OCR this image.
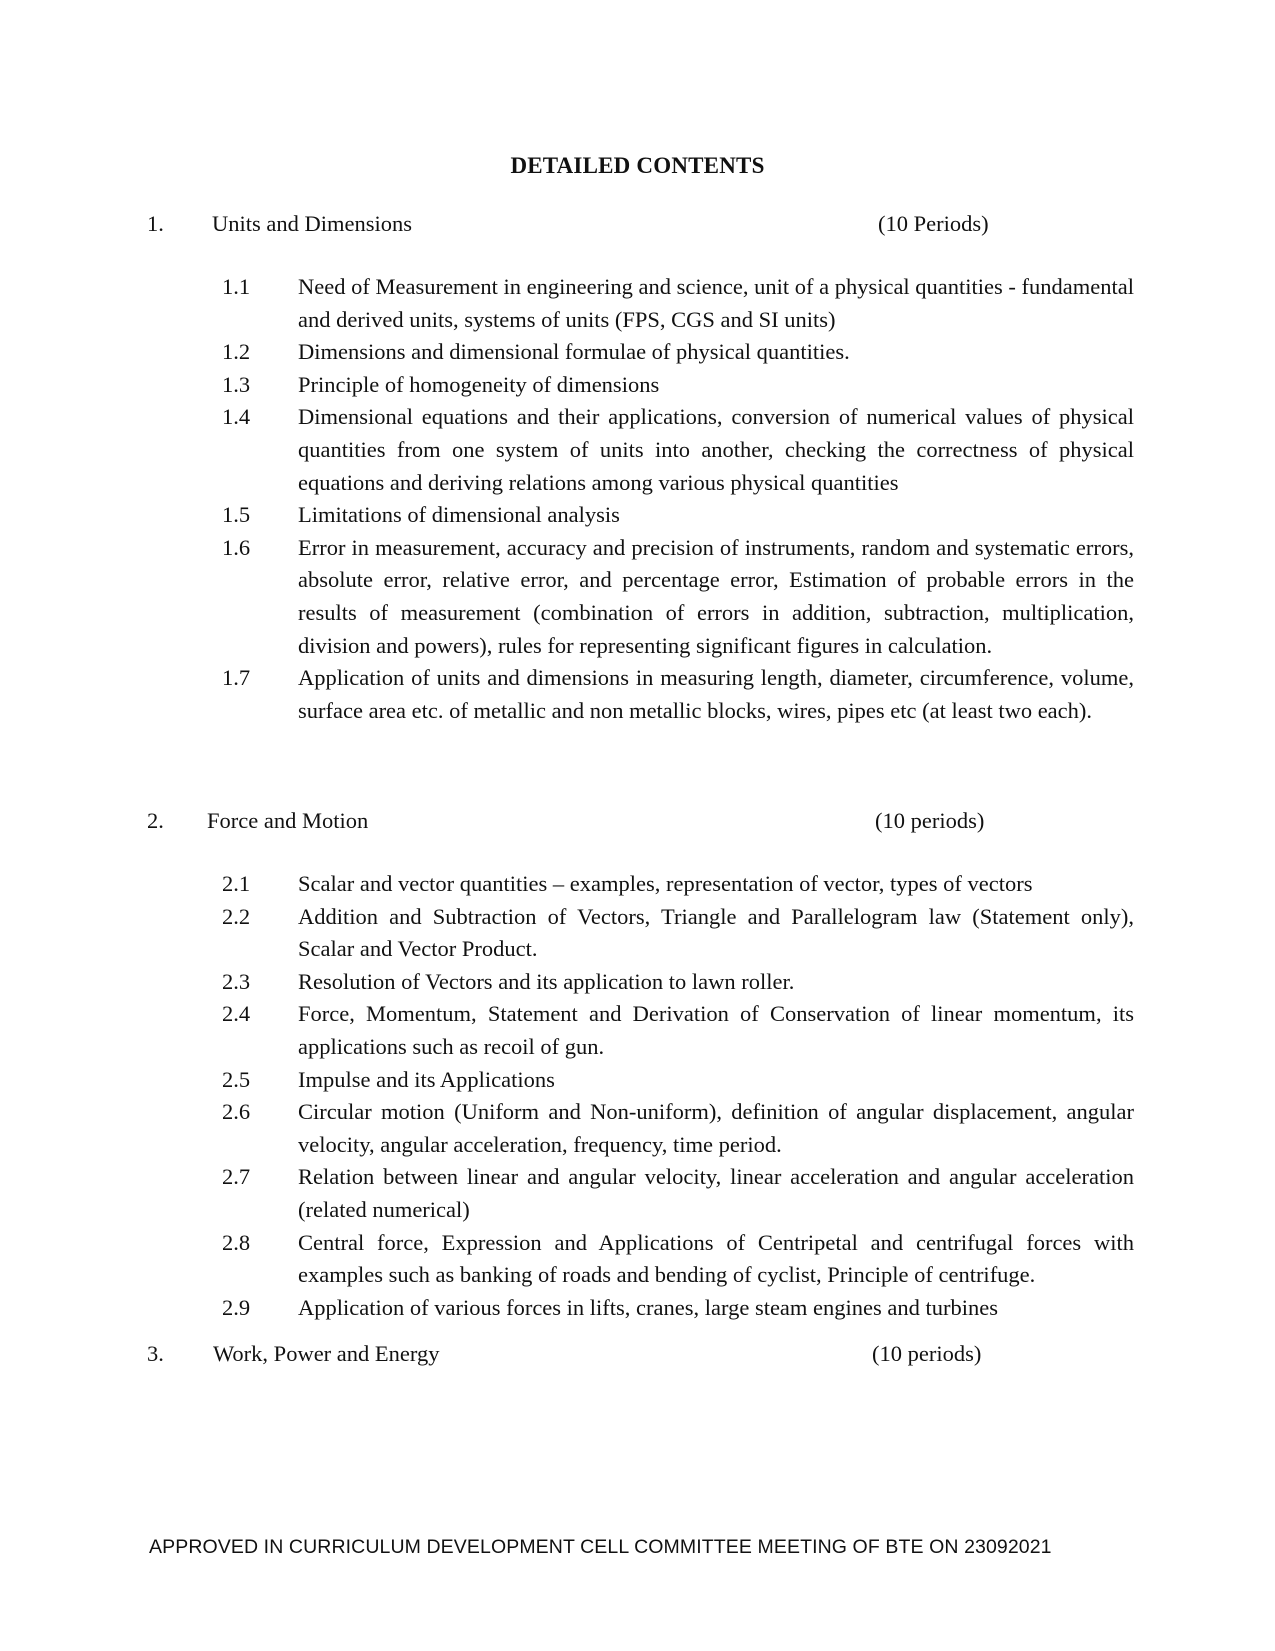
DETAILED CONTENTS
1. Units and Dimensions	(10 Periods)
1.1	Need of Measurement in engineering and science, unit of a physical quantities - fundamental and derived units, systems of units (FPS, CGS and SI units)
1.2	Dimensions and dimensional formulae of physical quantities.
1.3	Principle of homogeneity of dimensions
1.4	Dimensional equations and their applications, conversion of numerical values of physical quantities from one system of units into another, checking the correctness of physical equations and deriving relations among various physical quantities
1.5	Limitations of dimensional analysis
1.6	Error in measurement, accuracy and precision of instruments, random and systematic errors, absolute error, relative error, and percentage error, Estimation of probable errors in the results of measurement (combination of errors in addition, subtraction, multiplication, division and powers), rules for representing significant figures in calculation.
1.7	Application of units and dimensions in measuring length, diameter, circumference, volume, surface area etc. of metallic and non metallic blocks, wires, pipes etc (at least two each).
2. Force and Motion	(10 periods)
2.1	Scalar and vector quantities – examples, representation of vector, types of vectors
2.2	Addition and Subtraction of Vectors, Triangle and Parallelogram law (Statement only), Scalar and Vector Product.
2.3	Resolution of Vectors and its application to lawn roller.
2.4	Force, Momentum, Statement and Derivation of Conservation of linear momentum, its applications such as recoil of gun.
2.5	Impulse and its Applications
2.6	Circular motion (Uniform and Non-uniform), definition of angular displacement, angular velocity, angular acceleration, frequency, time period.
2.7	Relation between linear and angular velocity, linear acceleration and angular acceleration (related numerical)
2.8	Central force, Expression and Applications of Centripetal and centrifugal forces with examples such as banking of roads and bending of cyclist, Principle of centrifuge.
2.9	Application of various forces in lifts, cranes, large steam engines and turbines
3. Work, Power and Energy	(10 periods)
APPROVED IN CURRICULUM DEVELOPMENT CELL COMMITTEE MEETING OF BTE ON 23092021
